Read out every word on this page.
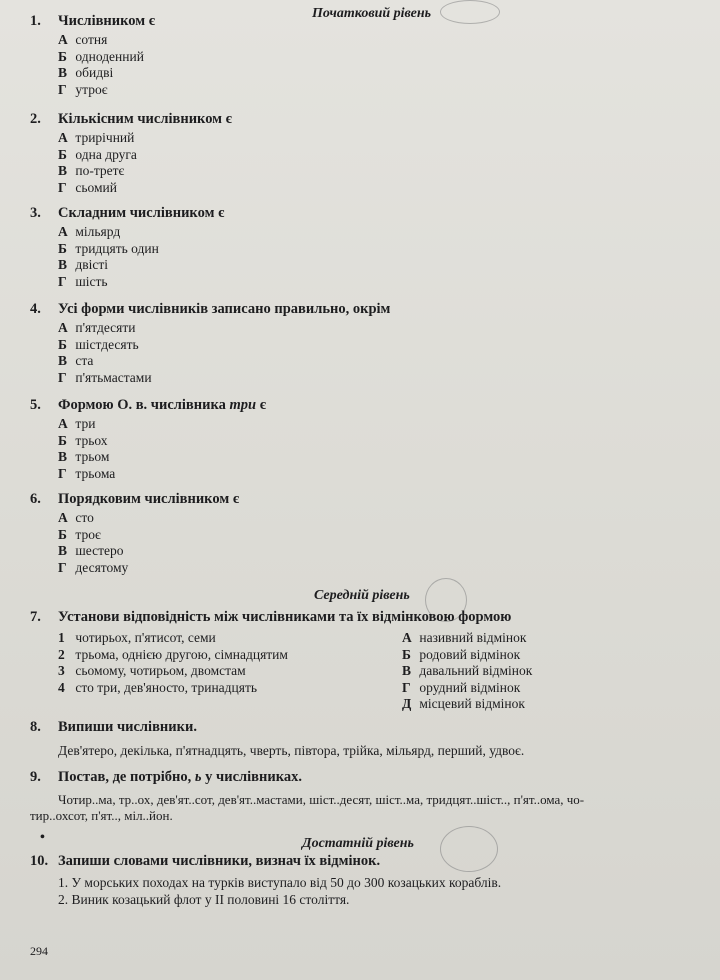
Початковий рівень
1. Числівником є
А сотня
Б одноденний
В обидві
Г утроє
2. Кількісним числівником є
А трирічний
Б одна друга
В по-третє
Г сьомий
3. Складним числівником є
А мільярд
Б тридцять один
В двісті
Г шість
4. Усі форми числівників записано правильно, окрім
А п'ятдесяти
Б шістдесять
В ста
Г п'ятьмастами
5. Формою О. в. числівника три є
А три
Б трьох
В трьом
Г трьома
6. Порядковим числівником є
А сто
Б троє
В шестеро
Г десятому
Середній рівень
7. Установи відповідність між числівниками та їх відмінковою формою
1 чотирьох, п'ятисот, семи
2 трьома, однією другою, сімнадцятим
3 сьомому, чотирьом, двомстам
4 сто три, дев'яносто, тринадцять
А називний відмінок
Б родовий відмінок
В давальний відмінок
Г орудний відмінок
Д місцевий відмінок
8. Випиши числівники.
Дев'ятеро, декілька, п'ятнадцять, чверть, півтора, трійка, мільярд, перший, удвоє.
9. Постав, де потрібно, ь у числівниках.
Чотир..ма, тр..ох, дев'ят..сот, дев'ят..мастами, шіст..десят, шіст..ма, тридцят..шіст.., п'ят..ома, чо-
тир..охсот, п'ят.., міл..йон.
•	Достатній рівень
10. Запиши словами числівники, визнач їх відмінок.
1. У морських походах на турків виступало від 50 до 300 козацьких кораблів.
2. Виник козацький флот у II половині 16 століття.
294
